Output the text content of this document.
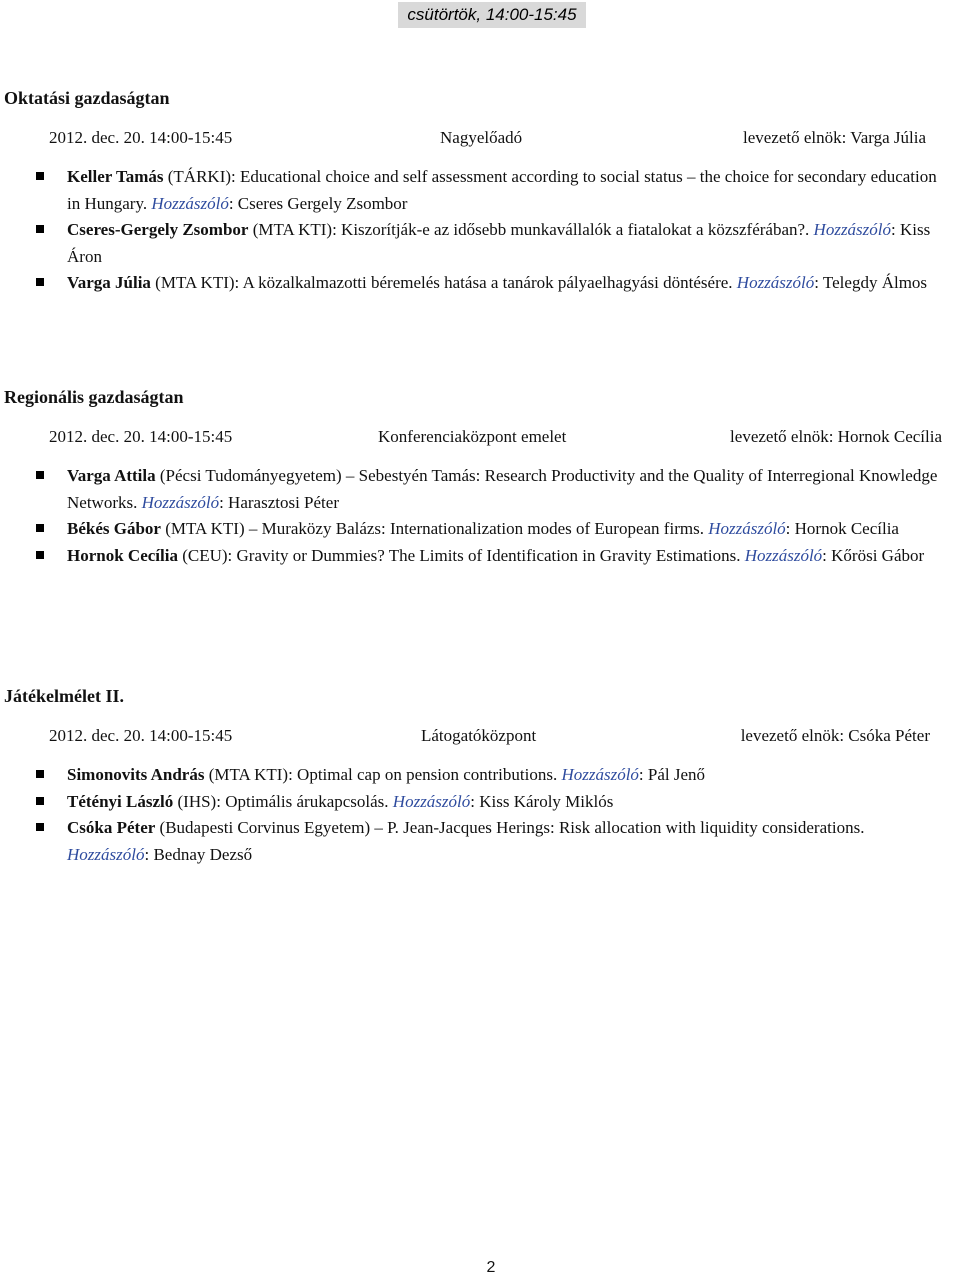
csütörtök, 14:00-15:45
Oktatási gazdaságtan
2012. dec. 20. 14:00-15:45	Nagyelőadó	levezető elnök: Varga Júlia
Keller Tamás (TÁRKI): Educational choice and self assessment according to social status – the choice for secondary education in Hungary. Hozzászóló: Cseres Gergely Zsombor
Cseres-Gergely Zsombor (MTA KTI): Kiszorítják-e az idősebb munkavállalók a fiatalokat a közszférában?. Hozzászóló: Kiss Áron
Varga Júlia (MTA KTI): A közalkalmazotti béremelés hatása a tanárok pályaelhagyási döntésére. Hozzászóló: Telegdy Álmos
Regionális gazdaságtan
2012. dec. 20. 14:00-15:45	Konferenciaközpont emelet	levezető elnök: Hornok Cecília
Varga Attila (Pécsi Tudományegyetem) – Sebestyén Tamás: Research Productivity and the Quality of Interregional Knowledge Networks. Hozzászóló: Harasztosi Péter
Békés Gábor (MTA KTI) – Muraközy Balázs: Internationalization modes of European firms. Hozzászóló: Hornok Cecília
Hornok Cecília (CEU): Gravity or Dummies? The Limits of Identification in Gravity Estimations. Hozzászóló: Kőrösi Gábor
Játékelmélet II.
2012. dec. 20. 14:00-15:45	Látogatóközpont	levezető elnök: Csóka Péter
Simonovits András (MTA KTI): Optimal cap on pension contributions. Hozzászóló: Pál Jenő
Tétényi László (IHS): Optimális árukapcsolás. Hozzászóló: Kiss Károly Miklós
Csóka Péter (Budapesti Corvinus Egyetem) – P. Jean-Jacques Herings: Risk allocation with liquidity considerations. Hozzászóló: Bednay Dezső
2
